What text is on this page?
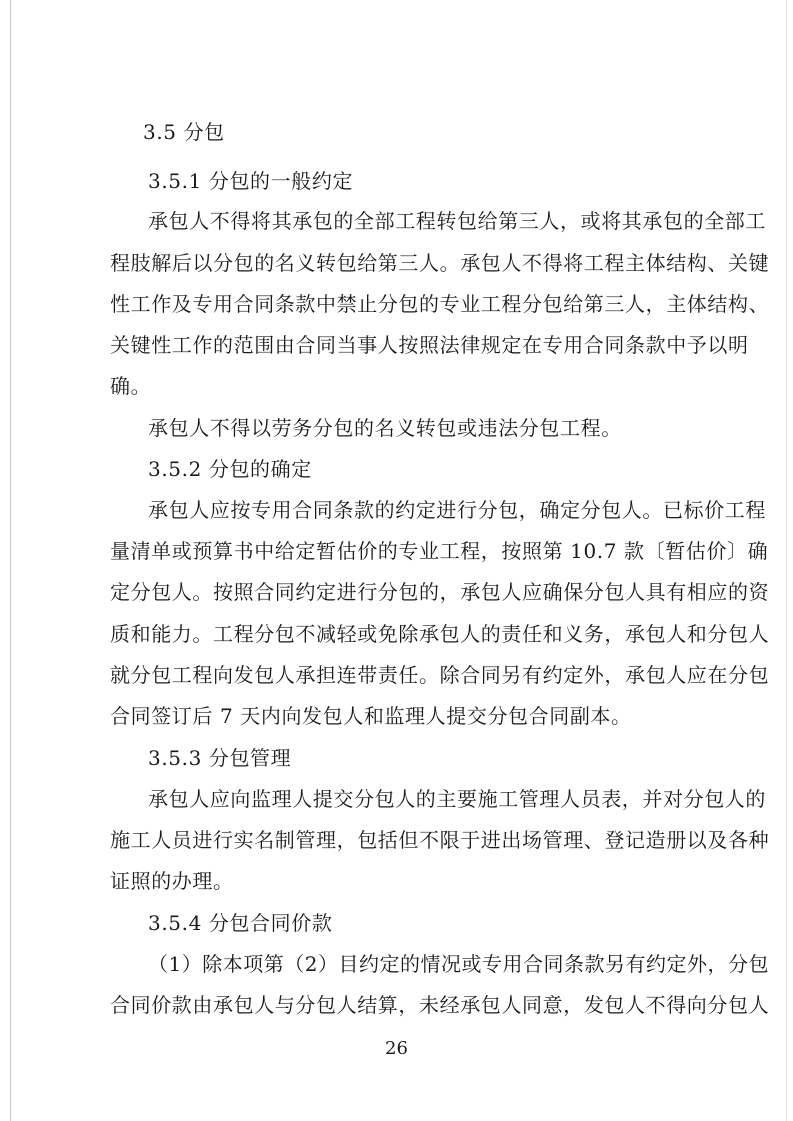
3.5 分包
3.5.1 分包的一般约定
承包人不得将其承包的全部工程转包给第三人，或将其承包的全部工
程肢解后以分包的名义转包给第三人。承包人不得将工程主体结构、关键
性工作及专用合同条款中禁止分包的专业工程分包给第三人，主体结构、
关键性工作的范围由合同当事人按照法律规定在专用合同条款中予以明
确。
承包人不得以劳务分包的名义转包或违法分包工程。
3.5.2 分包的确定
承包人应按专用合同条款的约定进行分包，确定分包人。已标价工程
量清单或预算书中给定暂估价的专业工程，按照第 10.7 款〔暂估价〕确
定分包人。按照合同约定进行分包的，承包人应确保分包人具有相应的资
质和能力。工程分包不减轻或免除承包人的责任和义务，承包人和分包人
就分包工程向发包人承担连带责任。除合同另有约定外，承包人应在分包
合同签订后 7 天内向发包人和监理人提交分包合同副本。
3.5.3 分包管理
承包人应向监理人提交分包人的主要施工管理人员表，并对分包人的
施工人员进行实名制管理，包括但不限于进出场管理、登记造册以及各种
证照的办理。
3.5.4 分包合同价款
（1）除本项第（2）目约定的情况或专用合同条款另有约定外，分包
合同价款由承包人与分包人结算，未经承包人同意，发包人不得向分包人
26
